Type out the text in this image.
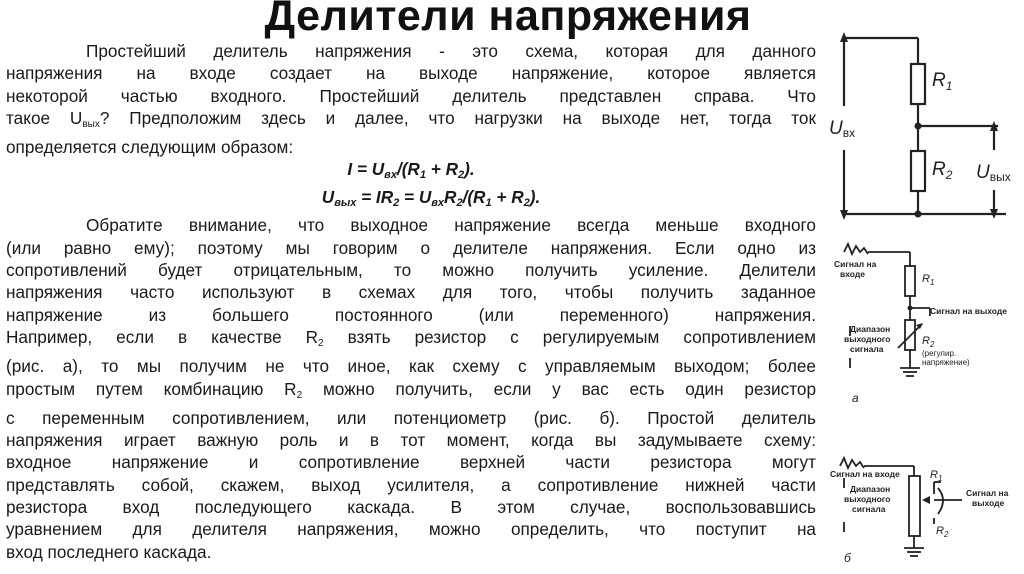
Делители напряжения

Простейший делитель напряжения - это схема, которая для данного

напряжения на входе создает на выходе напряжение, которое является

некоторой частью входного. Простейший делитель представлен справа. Что

такое $U_{вых}$? Предположим здесь и далее, что нагрузки на выходе нет, тогда ток

определяется следующим образом:

I = Uвх/(R1 + R2).

Uвых = IR2 = UвхR2/(R1 + R2).

Обратите внимание, что выходное напряжение всегда меньше входного

(или равно ему); поэтому мы говорим о делителе напряжения. Если одно из

сопротивлений будет отрицательным, то можно получить усиление. Делители

напряжения часто используют в схемах для того, чтобы получить заданное

напряжение из большего постоянного (или переменного) напряжения.

Например, если в качестве $R_2$ взять резистор с регулируемым сопротивлением

(рис. а), то мы получим не что иное, как схему с управляемым выходом; более

простым путем комбинацию $R_2$ можно получить, если у вас есть один резистор

с переменным сопротивлением, или потенциометр (рис. б). Простой делитель

напряжения играет важную роль и в тот момент, когда вы задумываете схему:

входное напряжение и сопротивление верхней части резистора могут

представлять собой, скажем, выход усилителя, а сопротивление нижней части

резистора вход последующего каскада. В этом случае, воспользовавшись

уравнением для делителя напряжения, можно определить, что поступит на

вход последнего каскада.

$R_1$
$R_2$
Uвх
Uвых
Сигнал на
входе	$R_1$
Сигнал на выходе
Диапазон
выходного
сигнала
$R_2$
(регулир.
напряжение)
а
Сигнал на входе	$R_1$
Диапазон
выходного
сигнала
Сигнал на
выходе
$R_2$
б
